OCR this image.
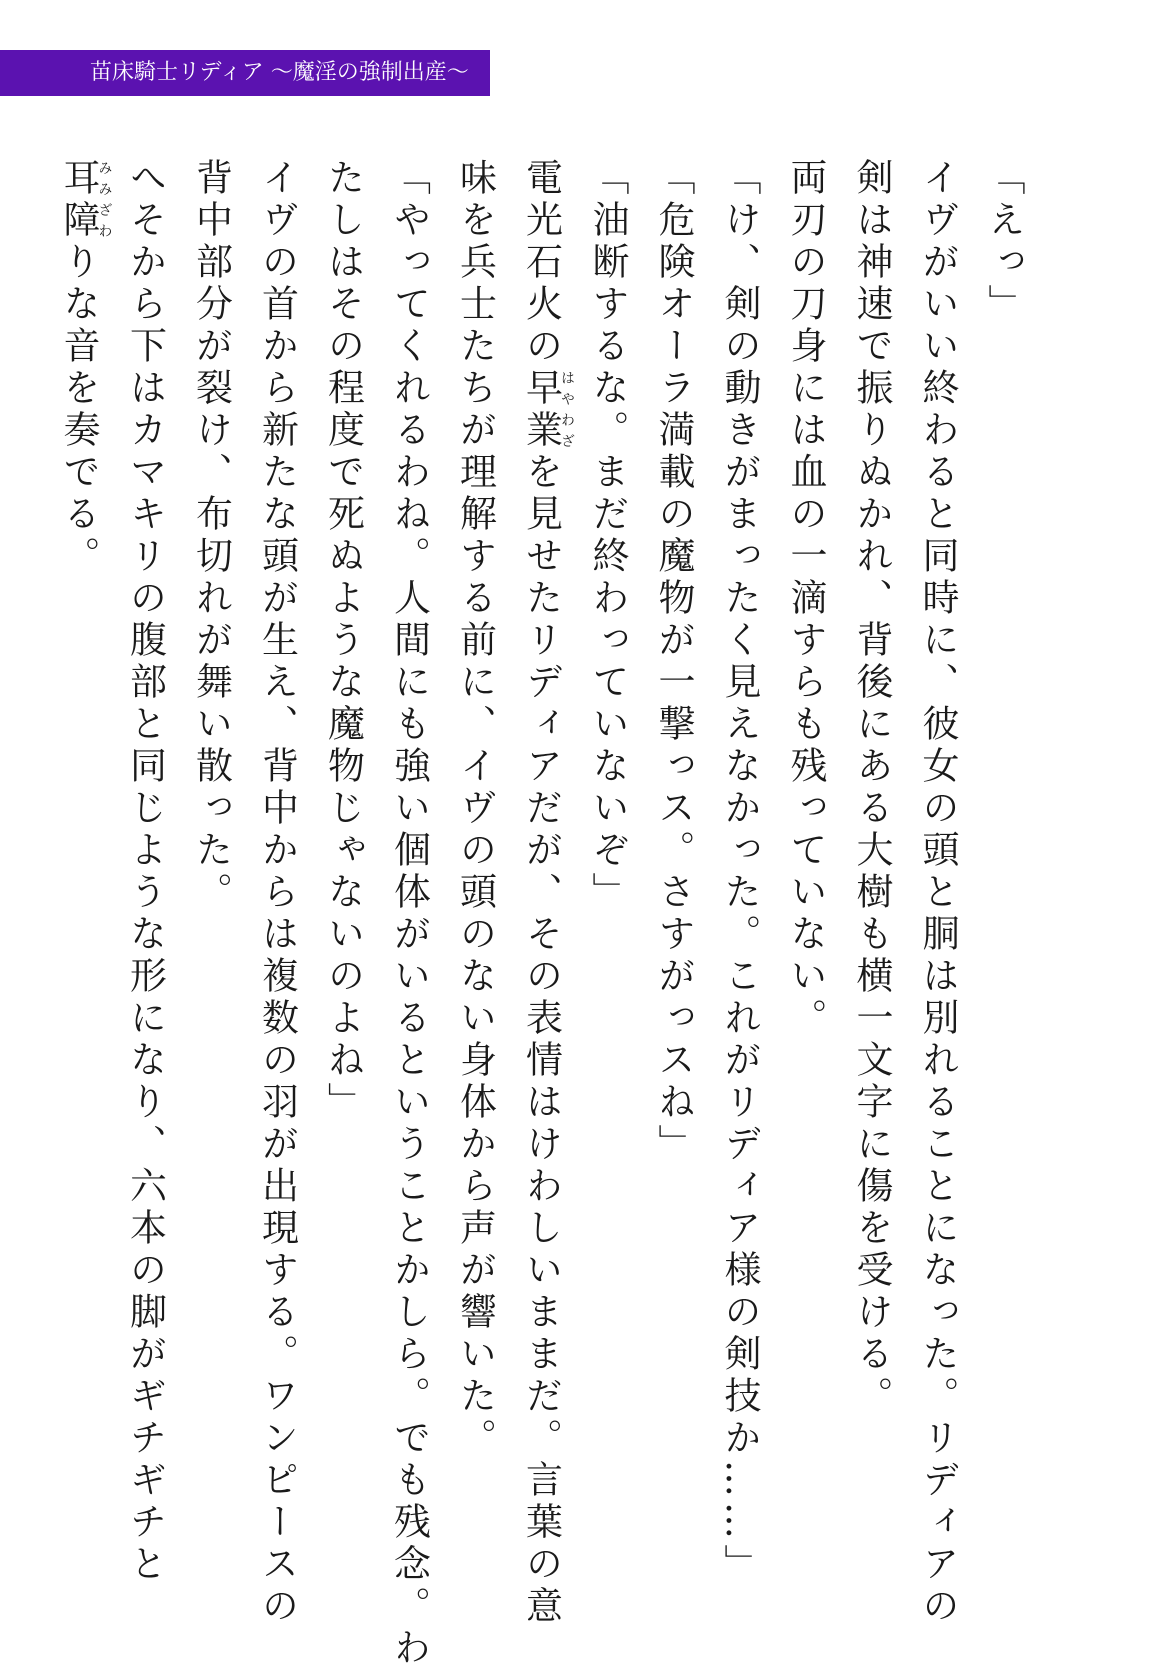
苗床騎士リディア ～魔淫の強制出産～
「えっ」
イヴがいい終わると同時に、彼女の頭と胴は別れることになった。リディアの
剣は神速で振りぬかれ、背後にある大樹も横一文字に傷を受ける。
両刃の刀身には血の一滴すらも残っていない。
「け、剣の動きがまったく見えなかった。これがリディア様の剣技か……」
「危険オーラ満載の魔物が一撃っス。さすがっスね」
「油断するな。まだ終わっていないぞ」
電光石火の早業はやわざを見せたリディアだが、その表情はけわしいままだ。言葉の意
味を兵士たちが理解する前に、イヴの頭のない身体から声が響いた。
「やってくれるわね。人間にも強い個体がいるということかしら。でも残念。わ
たしはその程度で死ぬような魔物じゃないのよね」
イヴの首から新たな頭が生え、背中からは複数の羽が出現する。ワンピースの
背中部分が裂け、布切れが舞い散った。
へそから下はカマキリの腹部と同じような形になり、六本の脚がギチギチと
耳障みみざわりな音を奏でる。
